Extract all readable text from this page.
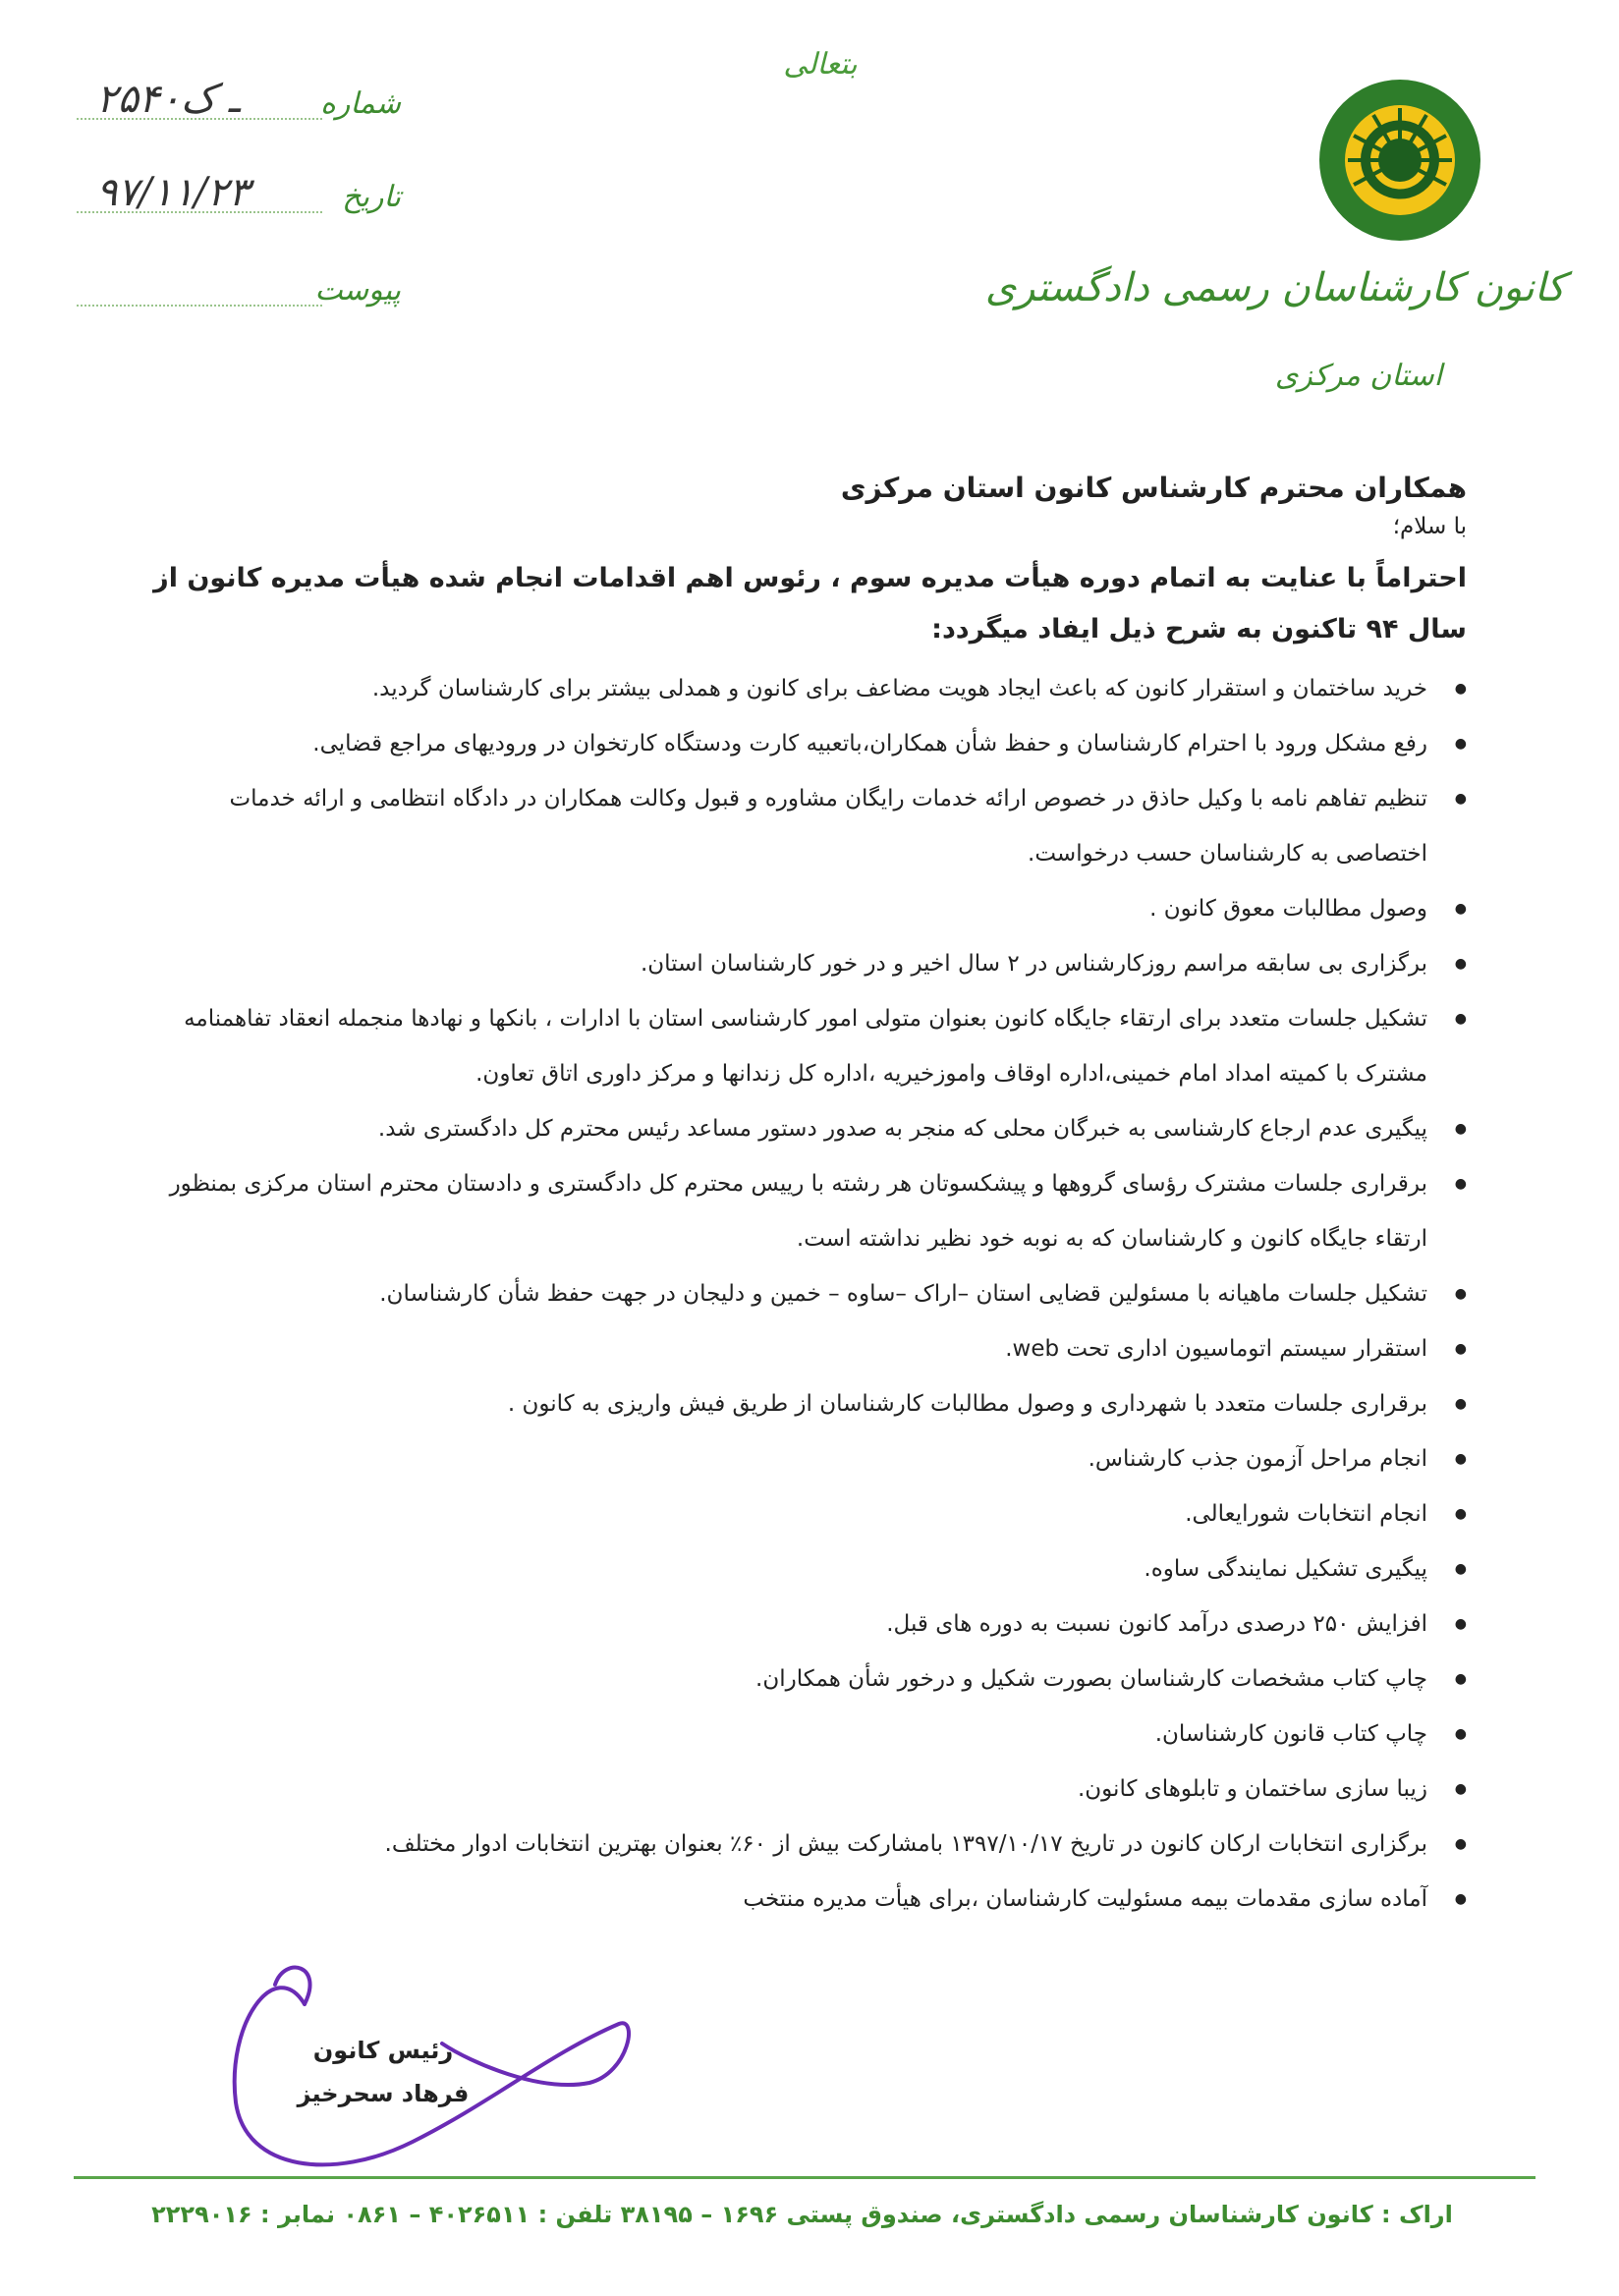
بتعالی
شماره
۲۵۴۰ـ ک
تاریخ
۹۷/۱۱/۲۳
پیوست	کانون کارشناسان رسمی دادگستری
استان مرکزی

همکاران محترم کارشناس کانون استان مرکزی

با سلام؛

احتراماً با عنایت به اتمام دوره هیأت مدیره سوم ، رئوس اهم اقدامات انجام شده هیأت مدیره کانون از سال ۹۴ تاکنون به شرح ذیل ایفاد میگردد:

● خرید ساختمان و استقرار کانون که باعث ایجاد هویت مضاعف برای کانون و همدلی بیشتر برای کارشناسان گردید.
● رفع مشکل ورود با احترام کارشناسان و حفظ شأن همکاران،باتعبیه کارت ودستگاه کارتخوان در ورودیهای مراجع قضایی.
● تنظیم تفاهم نامه با وکیل حاذق در خصوص ارائه خدمات رایگان مشاوره و قبول وکالت همکاران در دادگاه انتظامی و ارائه خدمات اختصاصی به کارشناسان حسب درخواست.
● وصول مطالبات معوق کانون .
● برگزاری بی سابقه مراسم روزکارشناس در ۲ سال اخیر و در خور کارشناسان استان.
● تشکیل جلسات متعدد برای ارتقاء جایگاه کانون بعنوان متولی امور کارشناسی استان با ادارات ، بانکها و نهادها منجمله انعقاد تفاهمنامه مشترک با کمیته امداد امام خمینی،اداره اوقاف واموزخیریه ،اداره کل زندانها و مرکز داوری اتاق تعاون.
● پیگیری عدم ارجاع کارشناسی به خبرگان محلی که منجر به صدور دستور مساعد رئیس محترم کل دادگستری شد.
● برقراری جلسات مشترک رؤسای گروهها و پیشکسوتان هر رشته با رییس محترم کل دادگستری و دادستان محترم استان مرکزی بمنظور ارتقاء جایگاه کانون و کارشناسان که به نوبه خود نظیر نداشته است.
● تشکیل جلسات ماهیانه با مسئولین قضایی استان –اراک –ساوه – خمین و دلیجان در جهت حفظ شأن کارشناسان.
● استقرار سیستم اتوماسیون اداری تحت web.
● برقراری جلسات متعدد با شهرداری و وصول مطالبات کارشناسان از طریق فیش واریزی به کانون .
● انجام مراحل آزمون جذب کارشناس.
● انجام انتخابات شورایعالی.
● پیگیری تشکیل نمایندگی ساوه.
● افزایش ۲۵۰ درصدی درآمد کانون نسبت به دوره های قبل.
● چاپ کتاب مشخصات کارشناسان بصورت شکیل و درخور شأن همکاران.
● چاپ کتاب قانون کارشناسان.
● زیبا سازی ساختمان و تابلوهای کانون.
● برگزاری انتخابات ارکان کانون در تاریخ ۱۳۹۷/۱۰/۱۷ بامشارکت بیش از ۶۰٪ بعنوان بهترین انتخابات ادوار مختلف.
● آماده سازی مقدمات بیمه مسئولیت کارشناسان ،برای هیأت مدیره منتخب
رئیس کانون
فرهاد سحرخیز
اراک : کانون کارشناسان رسمی دادگستری، صندوق پستی ۱۶۹۶ – ۳۸۱۹۵ تلفن : ۴۰۲۶۵۱۱ – ۰۸۶۱ نمابر : ۲۲۲۹۰۱۶
